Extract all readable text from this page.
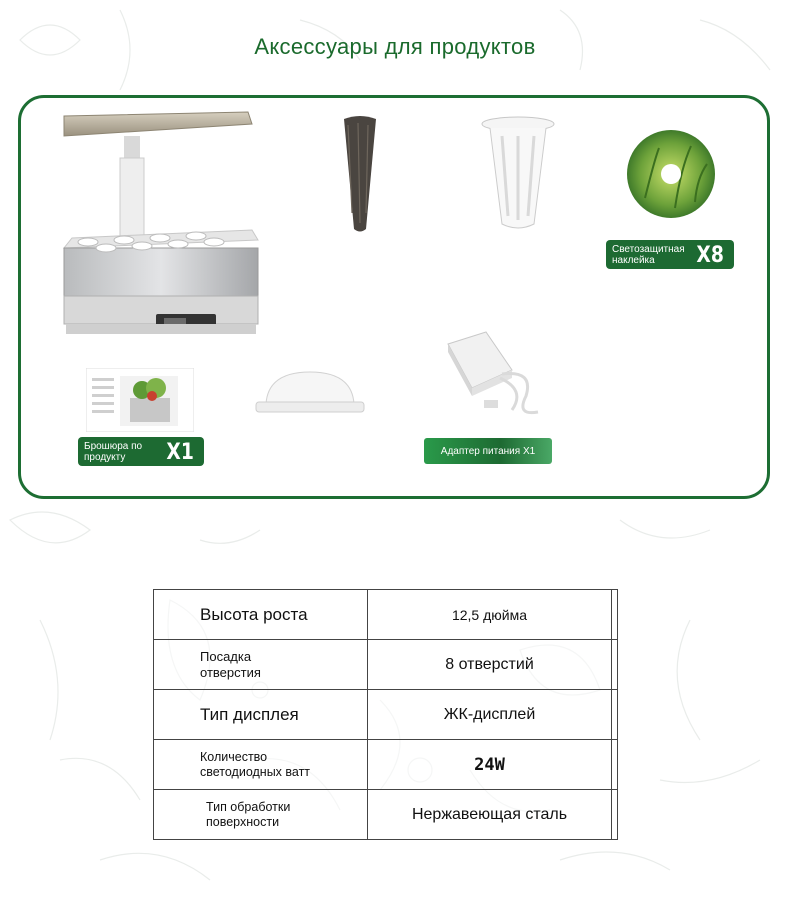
Аксессуары для продуктов
Светозащитная наклейка	X8
Брошюра по продукту	X1	Адаптер питания X1
Высота роста	12,5 дюйма	
Посадка отверстия	8 отверстий	
Тип дисплея	ЖК-дисплей	
Количество светодиодных ватт	24W	
Тип обработки поверхности	Нержавеющая сталь	
